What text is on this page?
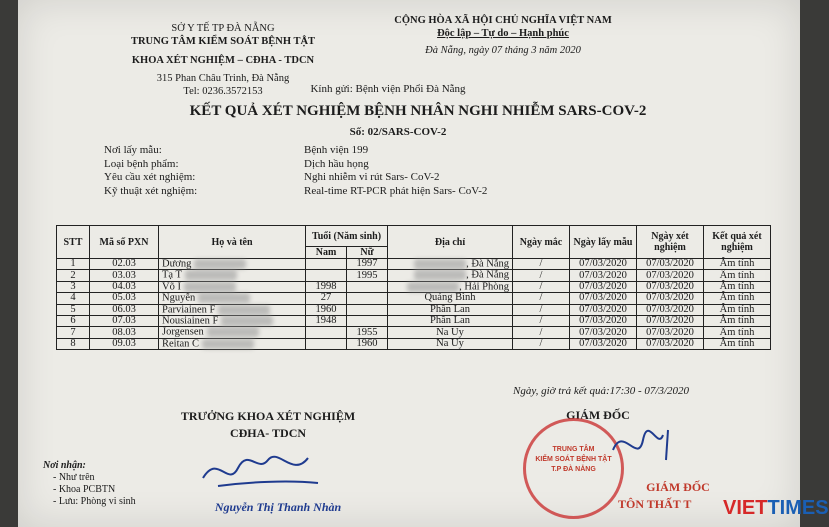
SỞ Y TẾ TP ĐÀ NẴNG
TRUNG TÂM KIỂM SOÁT BỆNH TẬT
KHOA XÉT NGHIỆM – CĐHA - TDCN
315 Phan Châu Trinh, Đà Nẵng
Tel: 0236.3572153
CỘNG HÒA XÃ HỘI CHỦ NGHĨA VIỆT NAM
Độc lập – Tự do – Hạnh phúc
Đà Nẵng, ngày 07 tháng 3 năm 2020
Kính gửi: Bệnh viện Phổi Đà Nẵng
KẾT QUẢ XÉT NGHIỆM BỆNH NHÂN NGHI NHIỄM SARS-COV-2
Số: 02/SARS-COV-2
Nơi lấy mẫu:	Bệnh viện 199
Loại bệnh phẩm:	Dịch hầu họng
Yêu cầu xét nghiệm:	Nghi nhiễm vi rút Sars- CoV-2
Kỹ thuật xét nghiệm:	Real-time RT-PCR phát hiện Sars- CoV-2
STT	Mã số PXN	Họ và tên	Tuổi (Năm sinh)		Địa chỉ	Ngày mắc	Ngày lấy mẫu	Ngày xét nghiệm	Kết quả xét nghiệm
			Nam	Nữ					
1	02.03	Dương		1997	, Đà Nẵng	/	07/03/2020	07/03/2020	Âm tính
2	03.03	Tạ T		1995	, Đà Nẵng	/	07/03/2020	07/03/2020	Âm tính
3	04.03	Võ I	1998		, Hải Phòng	/	07/03/2020	07/03/2020	Âm tính
4	05.03	Nguyễn	27		Quảng Bình	/	07/03/2020	07/03/2020	Âm tính
5	06.03	Parviainen F	1960		Phần Lan	/	07/03/2020	07/03/2020	Âm tính
6	07.03	Nousiainen F	1948		Phần Lan	/	07/03/2020	07/03/2020	Âm tính
7	08.03	Jorgensen		1955	Na Uy	/	07/03/2020	07/03/2020	Âm tính
8	09.03	Reitan C		1960	Na Uy	/	07/03/2020	07/03/2020	Âm tính
Ngày, giờ trả kết quả:17:30 - 07/3/2020
TRƯỞNG KHOA XÉT NGHIỆM
CĐHA- TDCN
Nguyễn Thị Thanh Nhàn
Nơi nhận:
- Như trên
- Khoa PCBTN
- Lưu: Phòng vi sinh
GIÁM ĐỐC
TRUNG TÂM
KIỂM SOÁT BỆNH TẬT
T.P ĐÀ NẴNG
GIÁM ĐỐC
TÔN THẤT T	VIETTIMES
